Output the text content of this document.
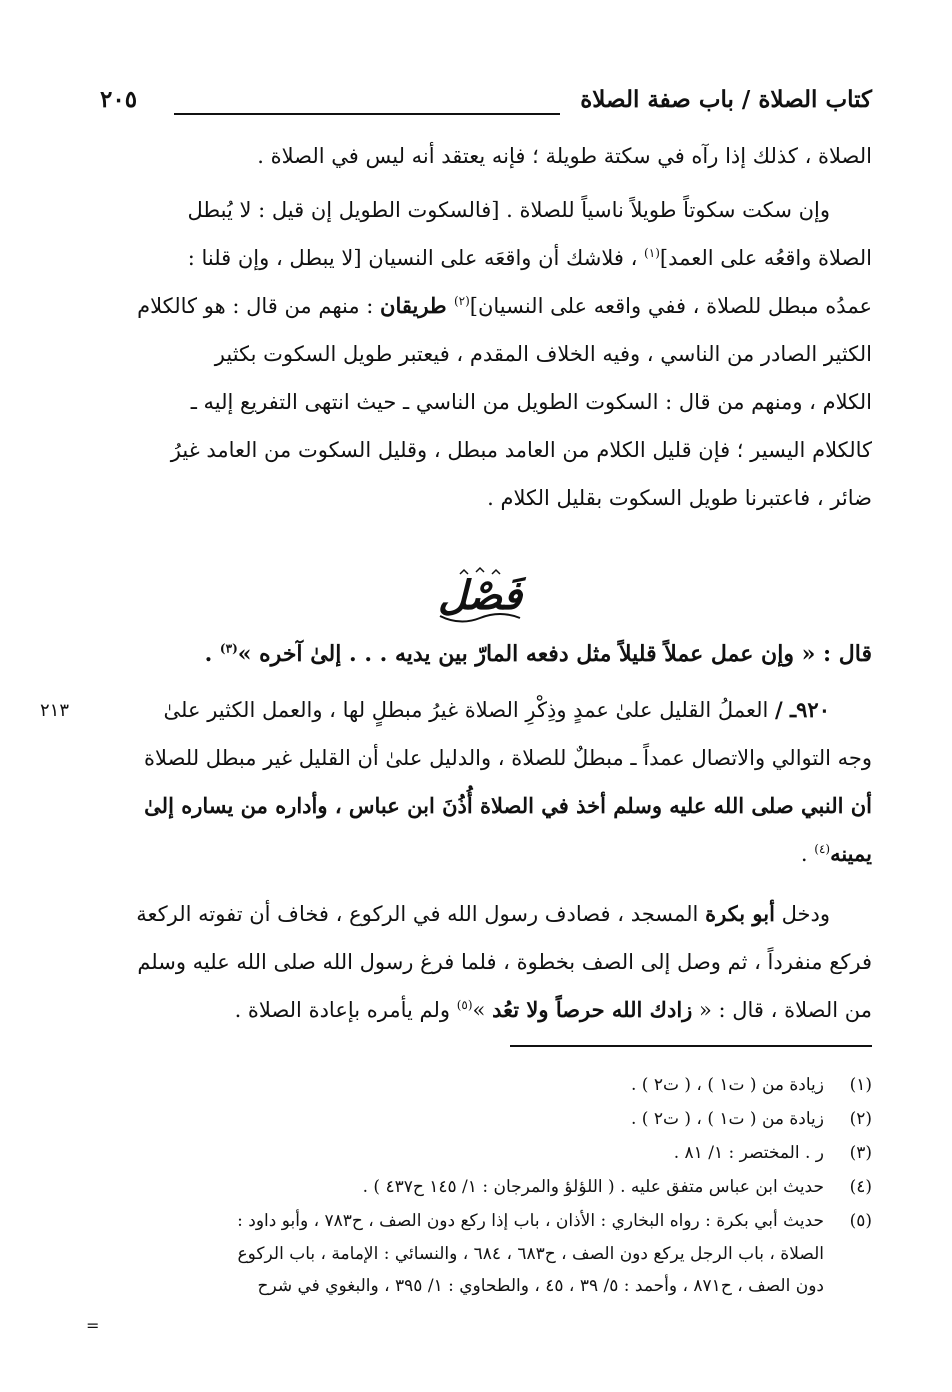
كتاب الصلاة / باب صفة الصلاة
٢٠٥
الصلاة ، كذلك إذا رآه في سكتة طويلة ؛ فإنه يعتقد أنه ليس في الصلاة .
وإن سكت سكوتاً طويلاً ناسياً للصلاة . [فالسكوت الطويل إن قيل : لا يُبطل
الصلاة واقعُه على العمد]$^{(١)}$ ، فلاشك أن واقعَه على النسيان [لا يبطل ، وإن قلنا :
عمدُه مبطل للصلاة ، ففي واقعه على النسيان]$^{(٢)}$ طريقان : منهم من قال : هو كالكلام
الكثير الصادر من الناسي ، وفيه الخلاف المقدم ، فيعتبر طويل السكوت بكثير
الكلام ، ومنهم من قال : السكوت الطويل من الناسي ـ حيث انتهى التفريع إليه ـ
كالكلام اليسير ؛ فإن قليل الكلام من العامد مبطل ، وقليل السكوت من العامد غيرُ
ضائر ، فاعتبرنا طويل السكوت بقليل الكلام .
فَصْل
قال : « وإن عمل عملاً قليلاً مثل دفعه المارّ بين يديه . . . إلىٰ آخره »$^{(٣)}$ .
٢١٣	٩٢٠ـ / العملُ القليل علىٰ عمدٍ وذِكْرِ الصلاة غيرُ مبطلٍ لها ، والعمل الكثير علىٰ
وجه التوالي والاتصال عمداً ـ مبطلٌ للصلاة ، والدليل علىٰ أن القليل غير مبطل للصلاة
أن النبي صلى الله عليه وسلم أخذ في الصلاة أُذُنَ ابن عباس ، وأداره من يساره إلىٰ
يمينه$^{(٤)}$ .
ودخل أبو بكرة المسجد ، فصادف رسول الله في الركوع ، فخاف أن تفوته الركعة
فركع منفرداً ، ثم وصل إلى الصف بخطوة ، فلما فرغ رسول الله صلى الله عليه وسلم
من الصلاة ، قال : « زادك الله حرصاً ولا تعُد »$^{(٥)}$ ولم يأمره بإعادة الصلاة .
(١)زيادة من ( ت١ ) ، ( ت٢ ) .
(٢)زيادة من ( ت١ ) ، ( ت٢ ) .
(٣)ر . المختصر : ١/ ٨١ .
(٤)حديث ابن عباس متفق عليه . ( اللؤلؤ والمرجان : ١/ ١٤٥ ح٤٣٧ ) .
(٥)حديث أبي بكرة : رواه البخاري : الأذان ، باب إذا ركع دون الصف ، ح٧٨٣ ، وأبو داود :
الصلاة ، باب الرجل يركع دون الصف ، ح٦٨٣ ، ٦٨٤ ، والنسائي : الإمامة ، باب الركوع
دون الصف ، ح٨٧١ ، وأحمد : ٥/ ٣٩ ، ٤٥ ، والطحاوي : ١/ ٣٩٥ ، والبغوي في شرح
=
